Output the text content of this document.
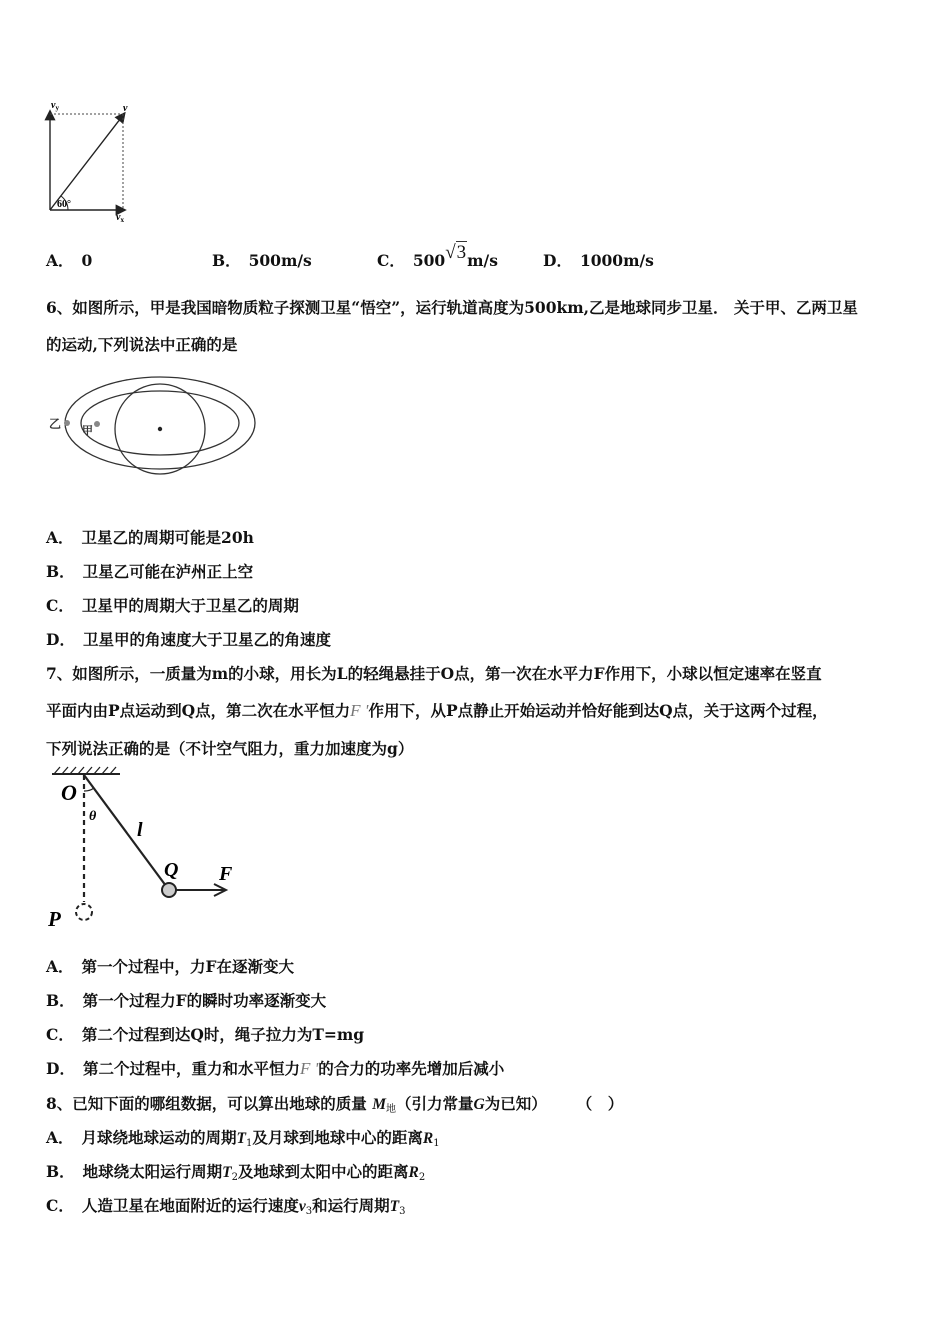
$v_y$	v
$v_x$
60°
A． 0	B． 500m/s	C． 500√3m/s	D． 1000m/s
6、如图所示，甲是我国暗物质粒子探测卫星“悟空”，运行轨道高度为500km,乙是地球同步卫星． 关于甲、乙两卫星
的运动,下列说法中正确的是
乙 甲
A． 卫星乙的周期可能是20h
B． 卫星乙可能在泸州正上空
C． 卫星甲的周期大于卫星乙的周期
D． 卫星甲的角速度大于卫星乙的角速度
7、如图所示，一质量为m的小球，用长为L的轻绳悬挂于O点，第一次在水平力F作用下，小球以恒定速率在竖直
平面内由P点运动到Q点，第二次在水平恒力F '作用下，从P点静止开始运动并恰好能到达Q点，关于这两个过程，
下列说法正确的是（不计空气阻力，重力加速度为g）
O
θ
l
Q F
P
A． 第一个过程中，力F在逐渐变大
B． 第一个过程力F的瞬时功率逐渐变大
C． 第二个过程到达Q时，绳子拉力为T=mg
D． 第二个过程中，重力和水平恒力F '的合力的功率先增加后减小
8、已知下面的哪组数据，可以算出地球的质量 $M_地$（引力常量G为已知） （　）
A． 月球绕地球运动的周期$T_1$及月球到地球中心的距离$R_1$
B． 地球绕太阳运行周期$T_2$及地球到太阳中心的距离$R_2$
C． 人造卫星在地面附近的运行速度$v_3$和运行周期$T_3$
